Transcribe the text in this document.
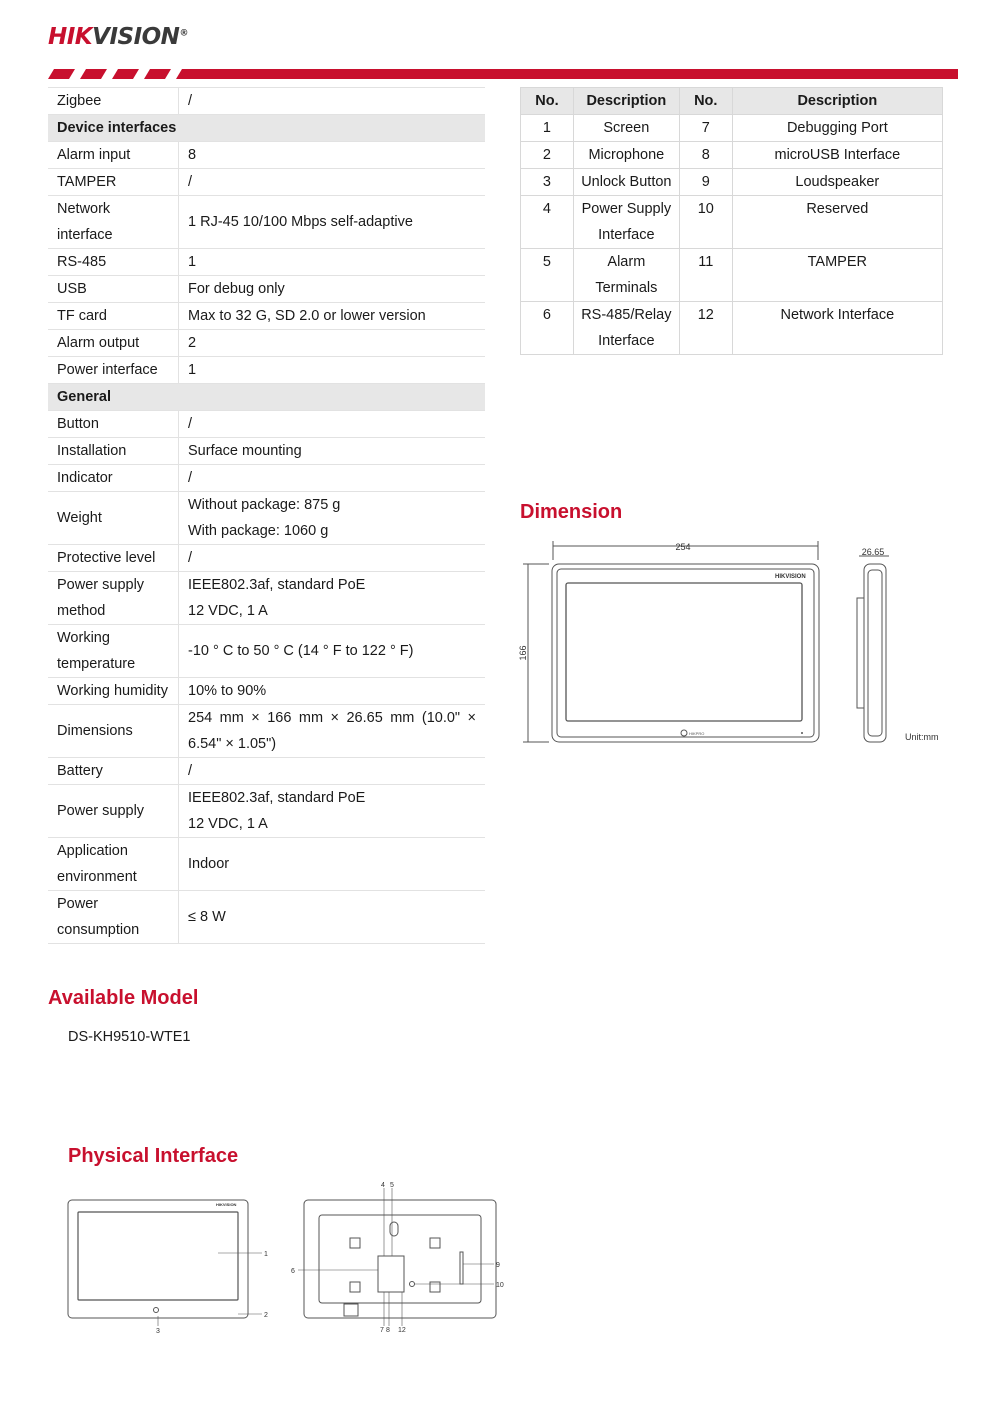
HIKVISION®
Zigbee	/
Device interfaces	
Alarm input	8
TAMPER	/
Network interface	1 RJ-45 10/100 Mbps self-adaptive
RS-485	1
USB	For debug only
TF card	Max to 32 G, SD 2.0 or lower version
Alarm output	2
Power interface	1
General	
Button	/
Installation	Surface mounting
Indicator	/
Weight	Without package: 875 g
With package: 1060 g
Protective level	/
Power supply method	IEEE802.3af, standard PoE
12 VDC, 1 A
Working temperature	-10 ° C to 50 ° C (14 ° F to 122 ° F)
Working humidity	10% to 90%
Dimensions	254 mm × 166 mm × 26.65 mm (10.0" × 6.54" × 1.05")
Battery	/
Power supply	IEEE802.3af, standard PoE
12 VDC, 1 A
Application environment	Indoor
Power consumption	≤ 8 W
No.	Description	No.	Description
1	Screen	7	Debugging Port
2	Microphone	8	microUSB Interface
3	Unlock Button	9	Loudspeaker
4	Power Supply Interface	10	Reserved
5	Alarm Terminals	11	TAMPER
6	RS-485/Relay Interface	12	Network Interface
Dimension
HIKVISION
HIKPRO
254
166
26.65
Unit:mm
Available Model
DS-KH9510-WTE1
Physical Interface
HIKVISION
1
2
3
4 5
6
7 8
9
10
12
